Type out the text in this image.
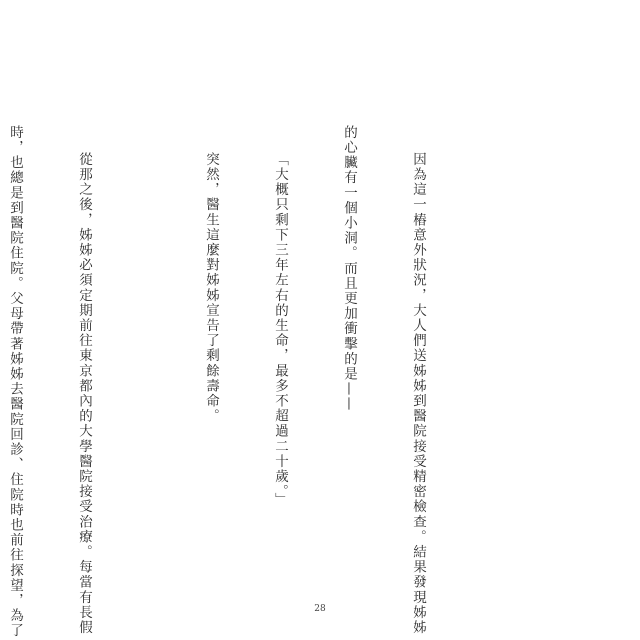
因為這一樁意外狀況，大人們送姊姊到醫院接受精密檢查。結果發現姊姊

的心臟有一個小洞。而且更加衝擊的是——

「大概只剩下三年左右的生命，最多不超過二十歲。」

突然，醫生這麼對姊姊宣告了剩餘壽命。

從那之後，姊姊必須定期前往東京都內的大學醫院接受治療。每當有長假

時，也總是到醫院住院。父母帶著姊姊去醫院回診、住院時也前往探望，為了

	28
